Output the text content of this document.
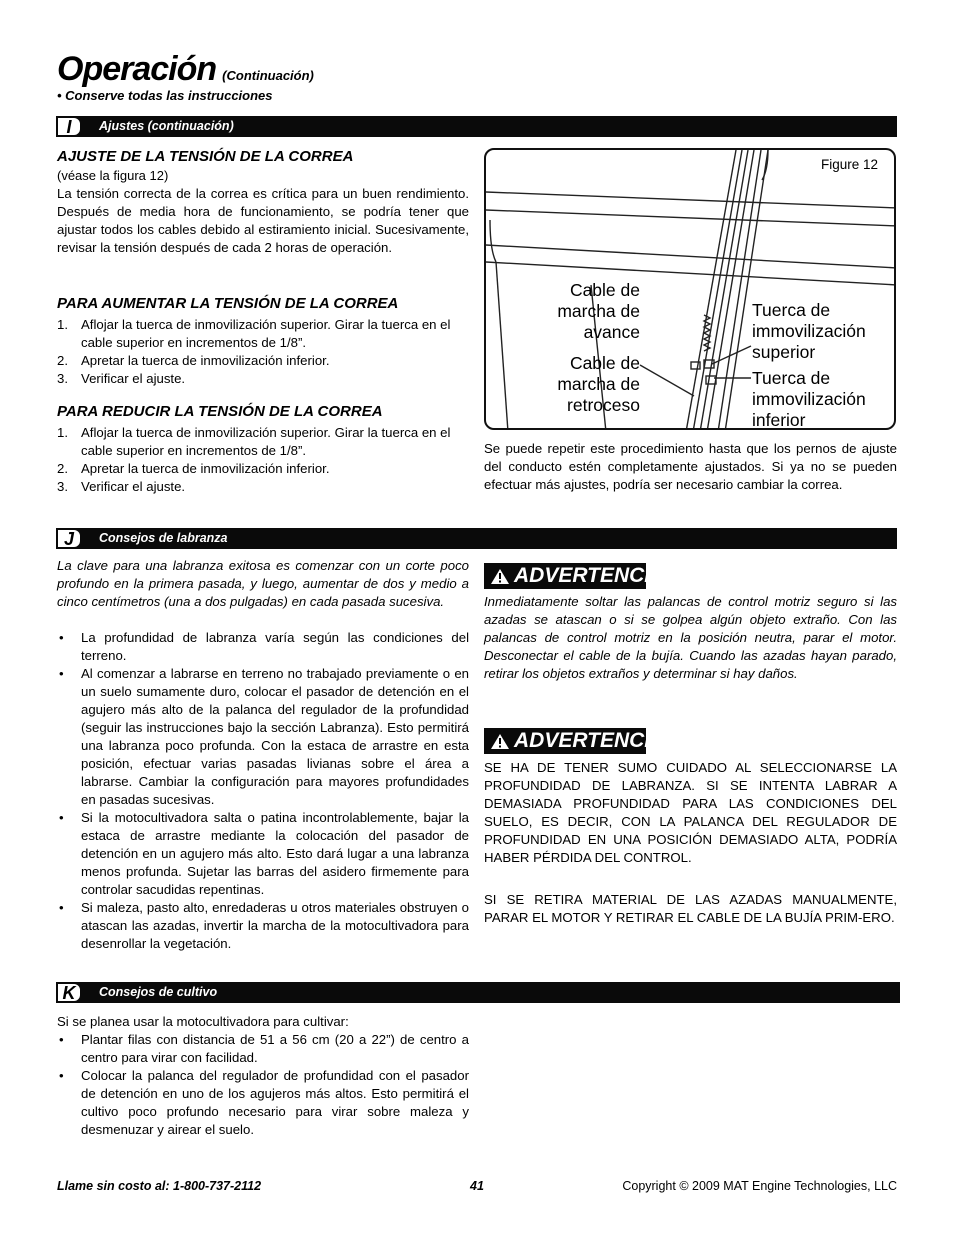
Operación (Continuación)
• Conserve todas las instrucciones
I	Ajustes (continuación)
AJUSTE DE LA TENSIÓN DE LA CORREA
(véase la figura 12)
La tensión correcta de la correa es crítica para un buen rendimiento. Después de media hora de funcionamiento, se podría tener que ajustar todos los cables debido al estiramiento inicial. Sucesivamente, revisar la tensión después de cada 2 horas de operación.
PARA AUMENTAR LA TENSIÓN DE LA CORREA
1. Aflojar la tuerca de inmovilización superior. Girar la tuerca en el cable superior en incrementos de 1/8”.
2. Apretar la tuerca de inmovilización inferior.
3. Verificar el ajuste.
PARA REDUCIR LA TENSIÓN DE LA CORREA
1. Aflojar la tuerca de inmovilización superior. Girar la tuerca en el cable superior en incrementos de 1/8”.
2. Apretar la tuerca de inmovilización inferior.
3. Verificar el ajuste.
Figure 12
Cable de
marcha de
avance
Cable de
marcha de
retroceso
Tuerca de
immovilización
superior
Tuerca de
immovilización
inferior
Se puede repetir este procedimiento hasta que los pernos de ajuste del conducto estén completamente ajustados. Si ya no se pueden efectuar más ajustes, podría ser necesario cambiar la correa.
J	Consejos de labranza
La clave para una labranza exitosa es comenzar con un corte poco profundo en la primera pasada, y luego, aumentar de dos y medio a cinco centímetros (una a dos pulgadas) en cada pasada sucesiva.
• La profundidad de labranza varía según las condiciones del terreno.
• Al comenzar a labrarse en terreno no trabajado previamente o en un suelo sumamente duro, colocar el pasador de detención en el agujero más alto de la palanca del regulador de la profundidad (seguir las instrucciones bajo la sección Labranza). Esto permitirá una labranza poco profunda. Con la estaca de arrastre en esta posición, efectuar varias pasadas livianas sobre el área a labrarse. Cambiar la configuración para mayores profundidades en pasadas sucesivas.
• Si la motocultivadora salta o patina incontrolablemente, bajar la estaca de arrastre mediante la colocación del pasador de detención en un agujero más alto. Esto dará lugar a una labranza menos profunda. Sujetar las barras del asidero firmemente para controlar sacudidas repentinas.
• Si maleza, pasto alto, enredaderas u otros materiales obstruyen o atascan las azadas, invertir la marcha de la motocultivadora para desenrollar la vegetación.
ADVERTENCIA
Inmediatamente soltar las palancas de control motriz seguro si las azadas se atascan o si se golpea algún objeto extraño. Con las palancas de control motriz en la posición neutra, parar el motor. Desconectar el cable de la bujía. Cuando las azadas hayan parado, retirar los objetos extraños y determinar si hay daños.
ADVERTENCIA
SE HA DE TENER SUMO CUIDADO AL SELECCIONARSE LA PROFUNDIDAD DE LABRANZA. SI SE INTENTA LABRAR A DEMASIADA PROFUNDIDAD PARA LAS CONDICIONES DEL SUELO, ES DECIR, CON LA PALANCA DEL REGULADOR DE PROFUNDIDAD EN UNA POSICIÓN DEMASIADO ALTA, PODRÍA HABER PÉRDIDA DEL CONTROL.
SI SE RETIRA MATERIAL DE LAS AZADAS MANUALMENTE, PARAR EL MOTOR Y RETIRAR EL CABLE DE LA BUJÍA PRIM-ERO.
K	Consejos de cultivo
Si se planea usar la motocultivadora para cultivar:
• Plantar filas con distancia de 51 a 56 cm (20 a 22”) de centro a centro para virar con facilidad.
• Colocar la palanca del regulador de profundidad con el pasador de detención en uno de los agujeros más altos. Esto permitirá el cultivo poco profundo necesario para virar sobre maleza y desmenuzar y airear el suelo.
Llame sin costo al: 1-800-737-2112	41	Copyright © 2009 MAT Engine Technologies, LLC
